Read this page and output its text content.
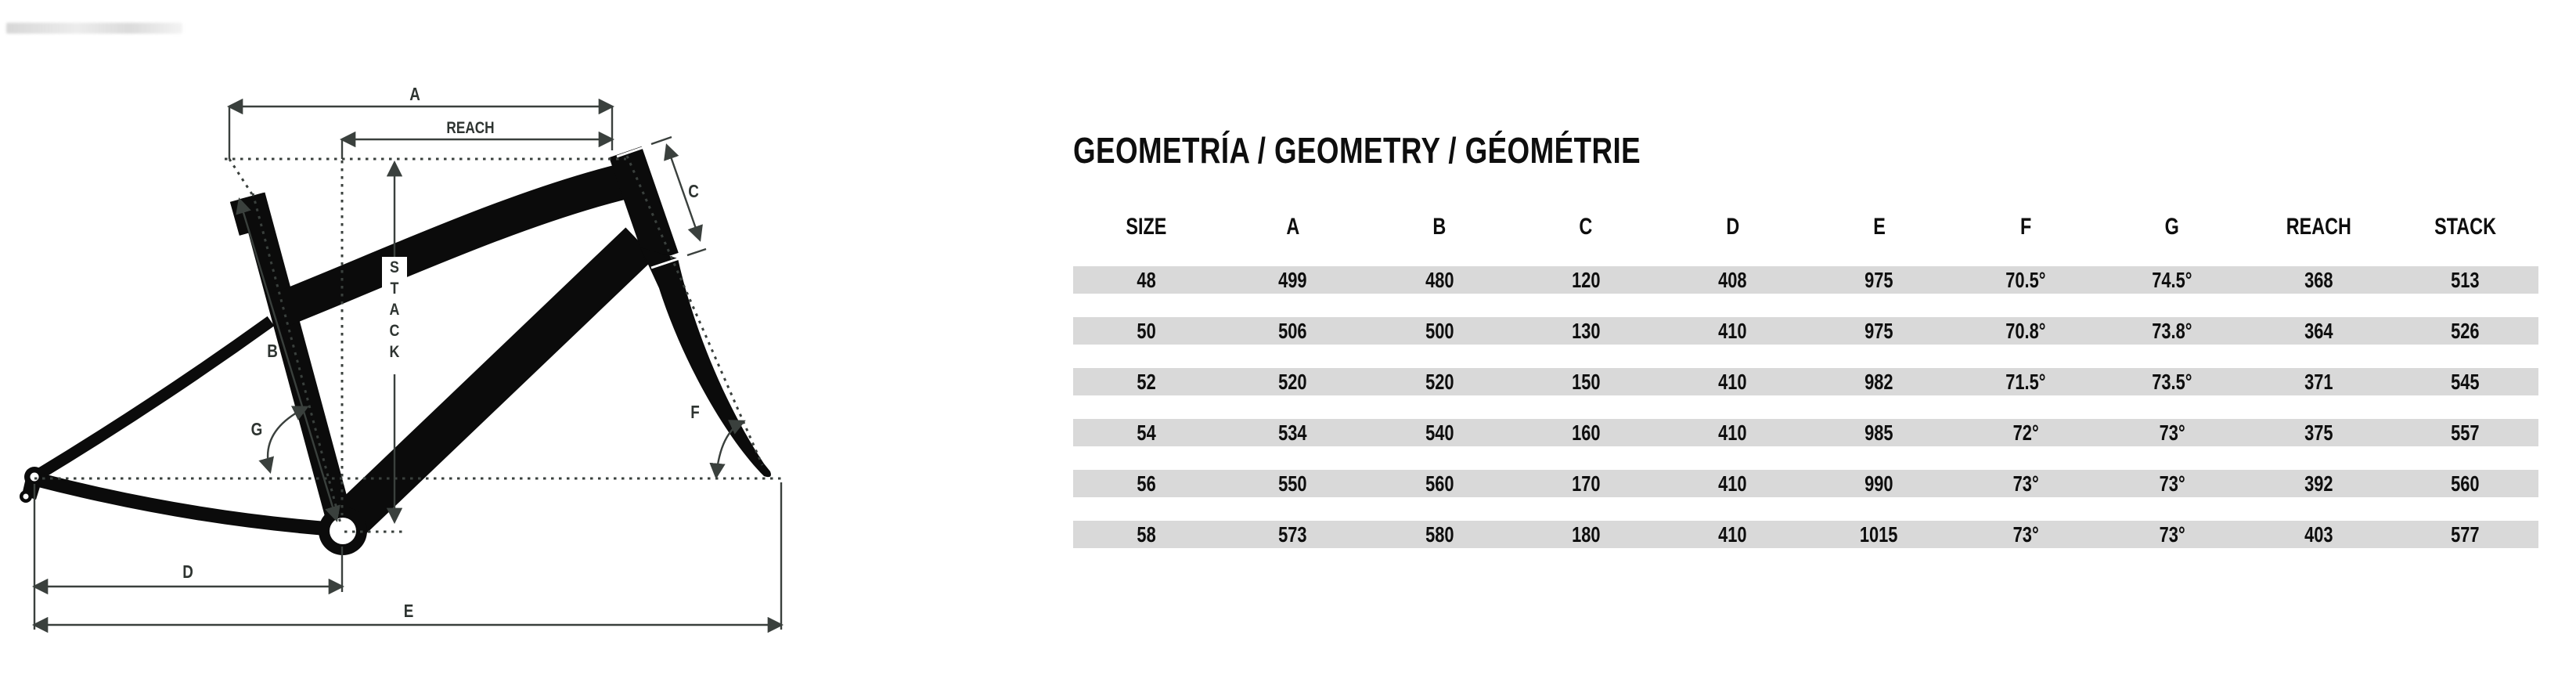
A
REACH
B
C
D
E
F
G
S T A C K
GEOMETRÍA / GEOMETRY / GÉOMÉTRIE
SIZE	A	B	C	D	E	F	G	REACH	STACK
48	499	480	120	408	975	70.5°	74.5°	368	513
50	506	500	130	410	975	70.8°	73.8°	364	526
52	520	520	150	410	982	71.5°	73.5°	371	545
54	534	540	160	410	985	72°	73°	375	557
56	550	560	170	410	990	73°	73°	392	560
58	573	580	180	410	1015	73°	73°	403	577
